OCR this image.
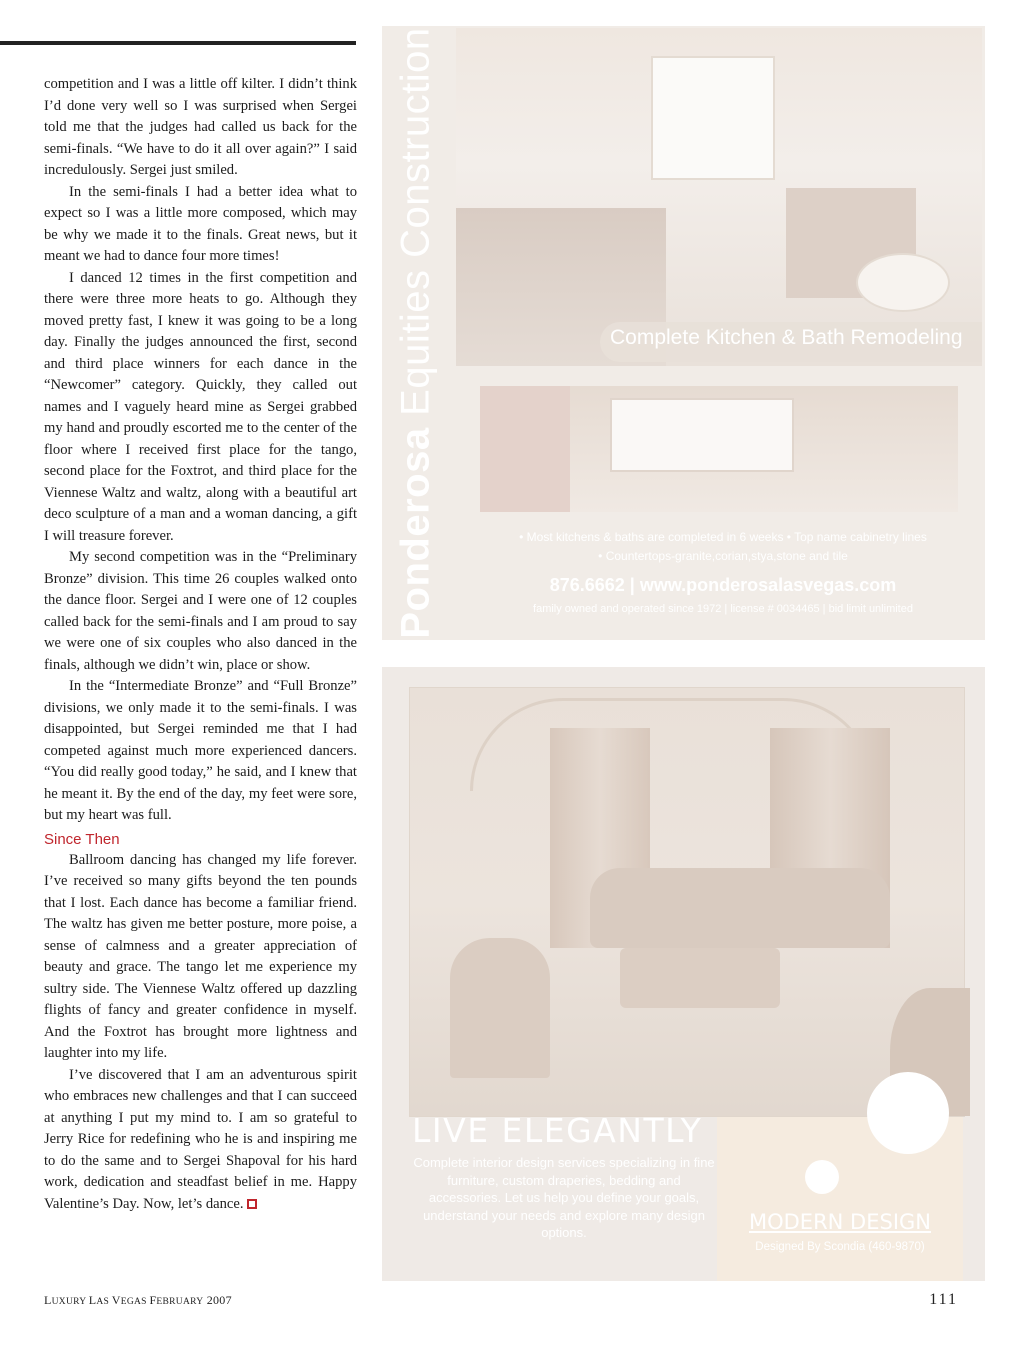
competition and I was a little off kilter. I didn’t think I’d done very well so I was surprised when Sergei told me that the judges had called us back for the semi-finals. “We have to do it all over again?” I said incredulously. Sergei just smiled.

In the semi-finals I had a better idea what to expect so I was a little more composed, which may be why we made it to the finals. Great news, but it meant we had to dance four more times!

I danced 12 times in the first competition and there were three more heats to go. Although they moved pretty fast, I knew it was going to be a long day. Finally the judges announced the first, second and third place winners for each dance in the “Newcomer” category. Quickly, they called out names and I vaguely heard mine as Sergei grabbed my hand and proudly escorted me to the center of the floor where I received first place for the tango, second place for the Foxtrot, and third place for the Viennese Waltz and waltz, along with a beautiful art deco sculpture of a man and a woman dancing, a gift I will treasure forever.

My second competition was in the “Preliminary Bronze” division. This time 26 couples walked onto the dance floor. Sergei and I were one of 12 couples called back for the semi-finals and I am proud to say we were one of six couples who also danced in the finals, although we didn’t win, place or show.

In the “Intermediate Bronze” and “Full Bronze” divisions, we only made it to the semi-finals. I was disappointed, but Sergei reminded me that I had competed against much more experienced dancers. “You did really good today,” he said, and I knew that he meant it. By the end of the day, my feet were sore, but my heart was full.

Since Then

Ballroom dancing has changed my life forever. I’ve received so many gifts beyond the ten pounds that I lost. Each dance has become a familiar friend. The waltz has given me better posture, more poise, a sense of calmness and a greater appreciation of beauty and grace. The tango let me experience my sultry side. The Viennese Waltz offered up dazzling flights of fancy and greater confidence in myself. And the Foxtrot has brought more lightness and laughter into my life.

I’ve discovered that I am an adventurous spirit who embraces new challenges and that I can succeed at anything I put my mind to. I am so grateful to Jerry Rice for redefining who he is and inspiring me to do the same and to Sergei Shapoval for his hard work, dedication and steadfast belief in me. Happy Valentine’s Day. Now, let’s dance.

LUXURY LAS VEGAS FEBRUARY 2007	111
Ponderosa Equities Construction	Complete Kitchen & Bath Remodeling
• Most kitchens & baths are completed in 6 weeks • Top name cabinetry lines
• Countertops-granite,corian,stya,stone and tile
876.6662 | www.ponderosalasvegas.com
family owned and operated since 1972 | license # 0034465 | bid limit unlimited
LIVE ELEGANTLY
Complete interior design services specializing in fine furniture, custom draperies, bedding and accessories. Let us help you define your goals, understand your needs and explore many design options.	MODERN DESIGN
Designed By Scondia (460-9870)
